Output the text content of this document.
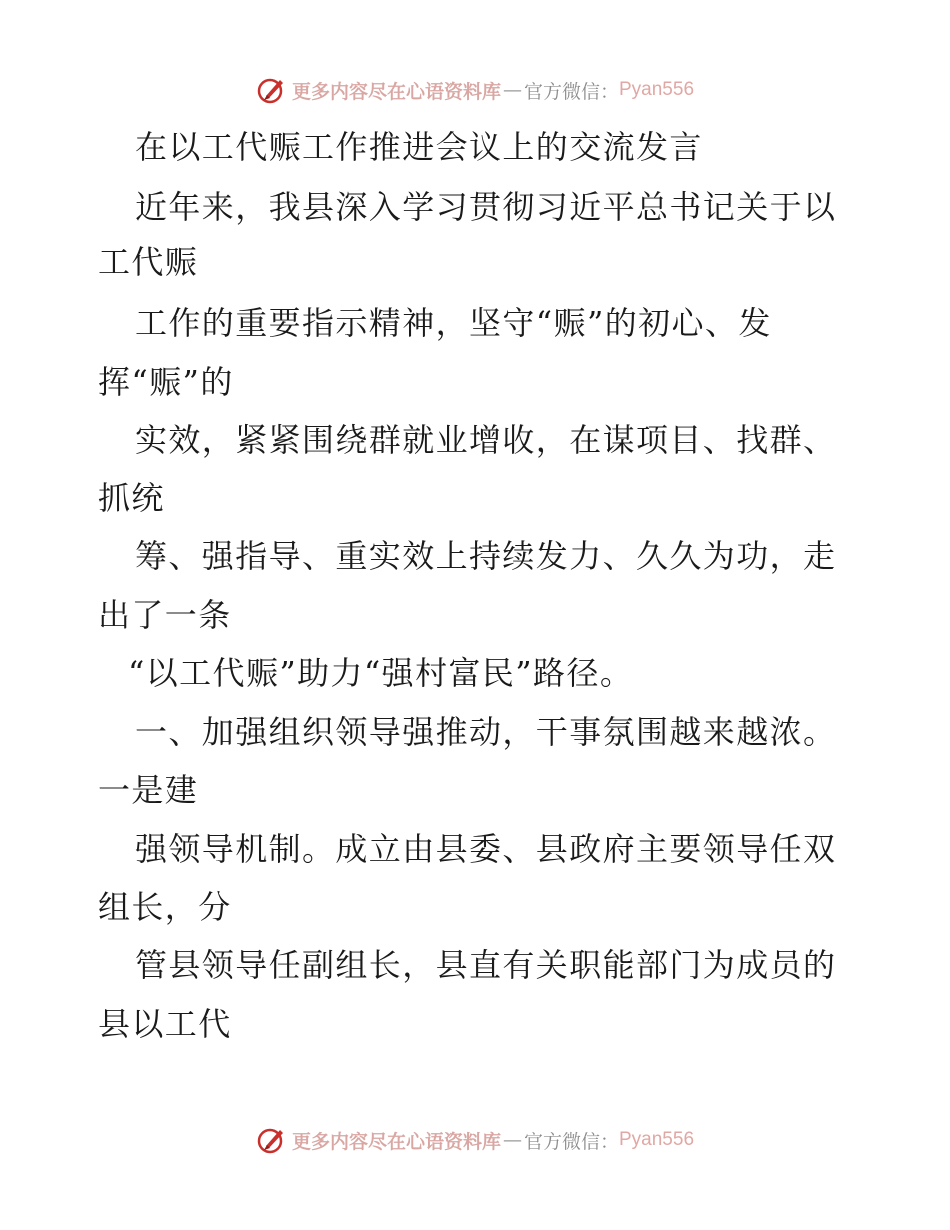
更多内容尽在心语资料库 — 官方微信： Pyan556
在以工代赈工作推进会议上的交流发言
近年来，我县深入学习贯彻习近平总书记关于以
工代赈
工作的重要指示精神，坚守“赈”的初心、发
挥“赈”的
实效，紧紧围绕群就业增收，在谋项目、找群、
抓统
筹、强指导、重实效上持续发力、久久为功，走
出了一条
“以工代赈”助力“强村富民”路径。
一、加强组织领导强推动，干事氛围越来越浓。
一是建
强领导机制。成立由县委、县政府主要领导任双
组长，分
管县领导任副组长，县直有关职能部门为成员的
县以工代
更多内容尽在心语资料库 — 官方微信： Pyan556
